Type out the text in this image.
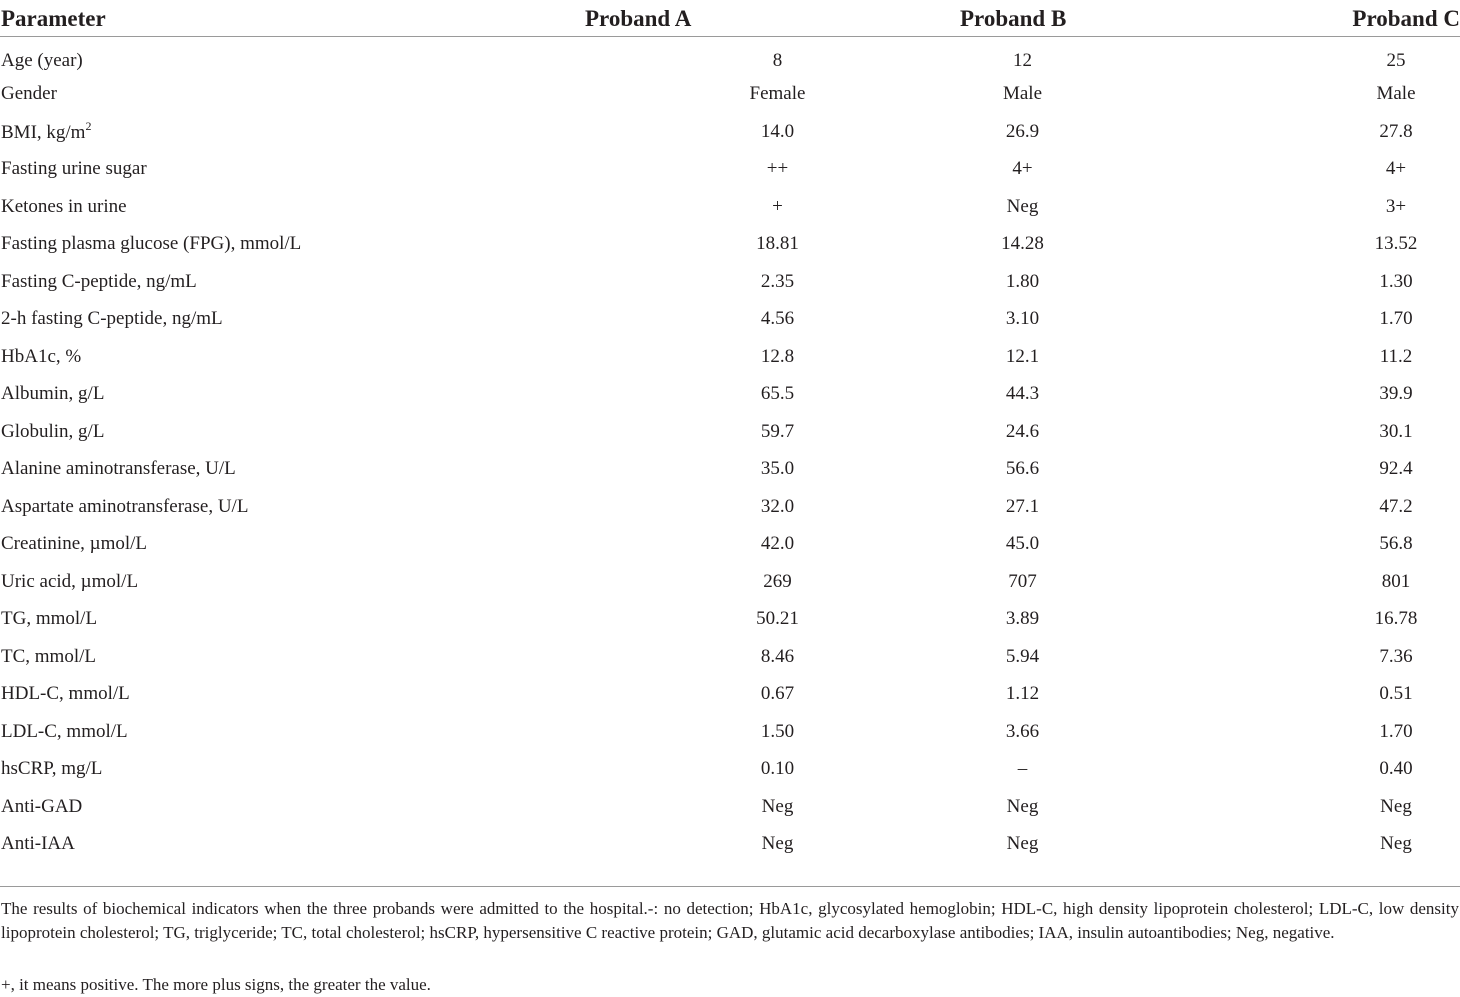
Parameter	Proband A	Proband B	Proband C
Age (year)	8	12	25
Gender	Female	Male	Male
BMI, $kg/m^2$	14.0	26.9	27.8
Fasting urine sugar	++	4+	4+
Ketones in urine	+	Neg	3+
Fasting plasma glucose (FPG), mmol/L	18.81	14.28	13.52
Fasting C-peptide, ng/mL	2.35	1.80	1.30
2-h fasting C-peptide, ng/mL	4.56	3.10	1.70
HbA1c, %	12.8	12.1	11.2
Albumin, g/L	65.5	44.3	39.9
Globulin, g/L	59.7	24.6	30.1
Alanine aminotransferase, U/L	35.0	56.6	92.4
Aspartate aminotransferase, U/L	32.0	27.1	47.2
Creatinine, µmol/L	42.0	45.0	56.8
Uric acid, µmol/L	269	707	801
TG, mmol/L	50.21	3.89	16.78
TC, mmol/L	8.46	5.94	7.36
HDL-C, mmol/L	0.67	1.12	0.51
LDL-C, mmol/L	1.50	3.66	1.70
hsCRP, mg/L	0.10	–	0.40
Anti-GAD	Neg	Neg	Neg
Anti-IAA	Neg	Neg	Neg
The results of biochemical indicators when the three probands were admitted to the hospital.-: no detection; HbA1c, glycosylated hemoglobin; HDL-C, high density lipoprotein cholesterol; LDL-C, low density lipoprotein cholesterol; TG, triglyceride; TC, total cholesterol; hsCRP, hypersensitive C reactive protein; GAD, glutamic acid decarboxylase antibodies; IAA, insulin autoantibodies; Neg, negative.
+, it means positive. The more plus signs, the greater the value.
